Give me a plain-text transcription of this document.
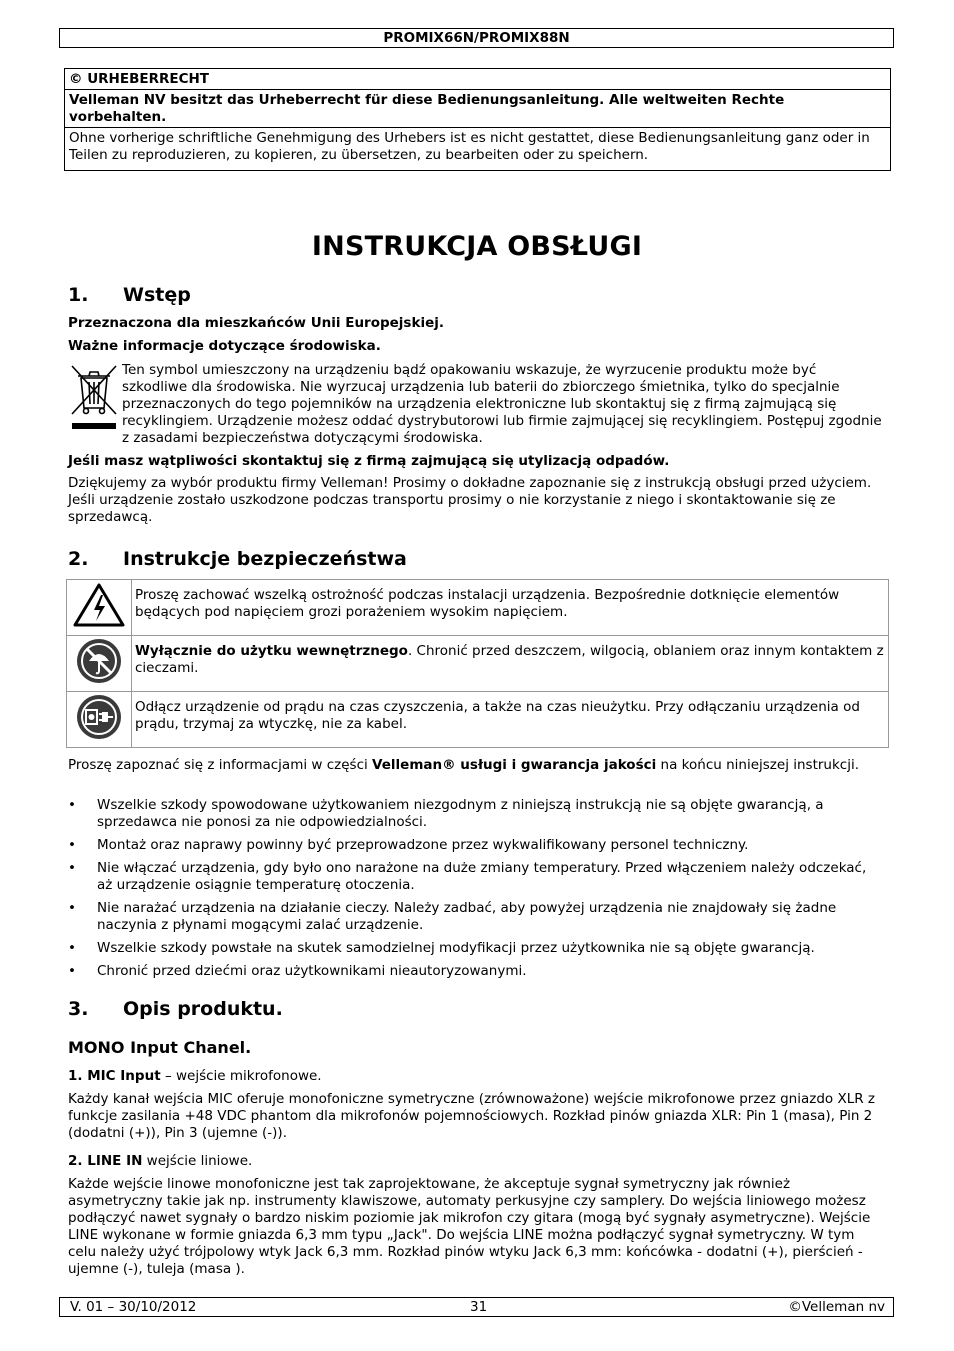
PROMIX66N/PROMIX88N

© URHEBERRECHT

Velleman NV besitzt das Urheberrecht für diese Bedienungsanleitung. Alle weltweiten Rechte vorbehalten.

Ohne vorherige schriftliche Genehmigung des Urhebers ist es nicht gestattet, diese Bedienungsanleitung ganz oder in Teilen zu reproduzieren, zu kopieren, zu übersetzen, zu bearbeiten oder zu speichern.

INSTRUKCJA OBSŁUGI
1. Wstęp

Przeznaczona dla mieszkańców Unii Europejskiej.

Ważne informacje dotyczące środowiska.

Ten symbol umieszczony na urządzeniu bądź opakowaniu wskazuje, że wyrzucenie produktu może być szkodliwe dla środowiska. Nie wyrzucaj urządzenia lub baterii do zbiorczego śmietnika, tylko do specjalnie przeznaczonych do tego pojemników na urządzenia elektroniczne lub skontaktuj się z firmą zajmującą się recyklingiem. Urządzenie możesz oddać dystrybutorowi lub firmie zajmującej się recyklingiem. Postępuj zgodnie z zasadami bezpieczeństwa dotyczącymi środowiska.

Jeśli masz wątpliwości skontaktuj się z firmą zajmującą się utylizacją odpadów.

Dziękujemy za wybór produktu firmy Velleman! Prosimy o dokładne zapoznanie się z instrukcją obsługi przed użyciem. Jeśli urządzenie zostało uszkodzone podczas transportu prosimy o nie korzystanie z niego i skontaktowanie się ze sprzedawcą.

2. Instrukcje bezpieczeństwa
	Proszę zachować wszelką ostrożność podczas instalacji urządzenia. Bezpośrednie dotknięcie elementów będących pod napięciem grozi porażeniem wysokim napięciem.
	Wyłącznie do użytku wewnętrznego. Chronić przed deszczem, wilgocią, oblaniem oraz innym kontaktem z cieczami.
	Odłącz urządzenie od prądu na czas czyszczenia, a także na czas nieużytku. Przy odłączaniu urządzenia od prądu, trzymaj za wtyczkę, nie za kabel.

Proszę zapoznać się z informacjami w części Velleman® usługi i gwarancja jakości na końcu niniejszej instrukcji.

• Wszelkie szkody spowodowane użytkowaniem niezgodnym z niniejszą instrukcją nie są objęte gwarancją, a sprzedawca nie ponosi za nie odpowiedzialności.
• Montaż oraz naprawy powinny być przeprowadzone przez wykwalifikowany personel techniczny.
• Nie włączać urządzenia, gdy było ono narażone na duże zmiany temperatury. Przed włączeniem należy odczekać, aż urządzenie osiągnie temperaturę otoczenia.
• Nie narażać urządzenia na działanie cieczy. Należy zadbać, aby powyżej urządzenia nie znajdowały się żadne naczynia z płynami mogącymi zalać urządzenie.
• Wszelkie szkody powstałe na skutek samodzielnej modyfikacji przez użytkownika nie są objęte gwarancją.
• Chronić przed dziećmi oraz użytkownikami nieautoryzowanymi.
3. Opis produktu.
MONO Input Chanel.

1. MIC Input – wejście mikrofonowe.

Każdy kanał wejścia MIC oferuje monofoniczne symetryczne (zrównoważone) wejście mikrofonowe przez gniazdo XLR z funkcje zasilania +48 VDC phantom dla mikrofonów pojemnościowych. Rozkład pinów gniazda XLR: Pin 1 (masa), Pin 2 (dodatni (+)), Pin 3 (ujemne (-)).

2. LINE IN wejście liniowe.

Każde wejście linowe monofoniczne jest tak zaprojektowane, że akceptuje sygnał symetryczny jak również asymetryczny takie jak np. instrumenty klawiszowe, automaty perkusyjne czy samplery. Do wejścia liniowego możesz podłączyć nawet sygnały o bardzo niskim poziomie jak mikrofon czy gitara (mogą być sygnały asymetryczne). Wejście LINE wykonane w formie gniazda 6,3 mm typu „Jack". Do wejścia LINE można podłączyć sygnał symetryczny. W tym celu należy użyć trójpolowy wtyk Jack 6,3 mm. Rozkład pinów wtyku Jack 6,3 mm: końcówka - dodatni (+), pierścień - ujemne (-), tuleja (masa ).

V. 01 – 30/10/2012	31	©Velleman nv
